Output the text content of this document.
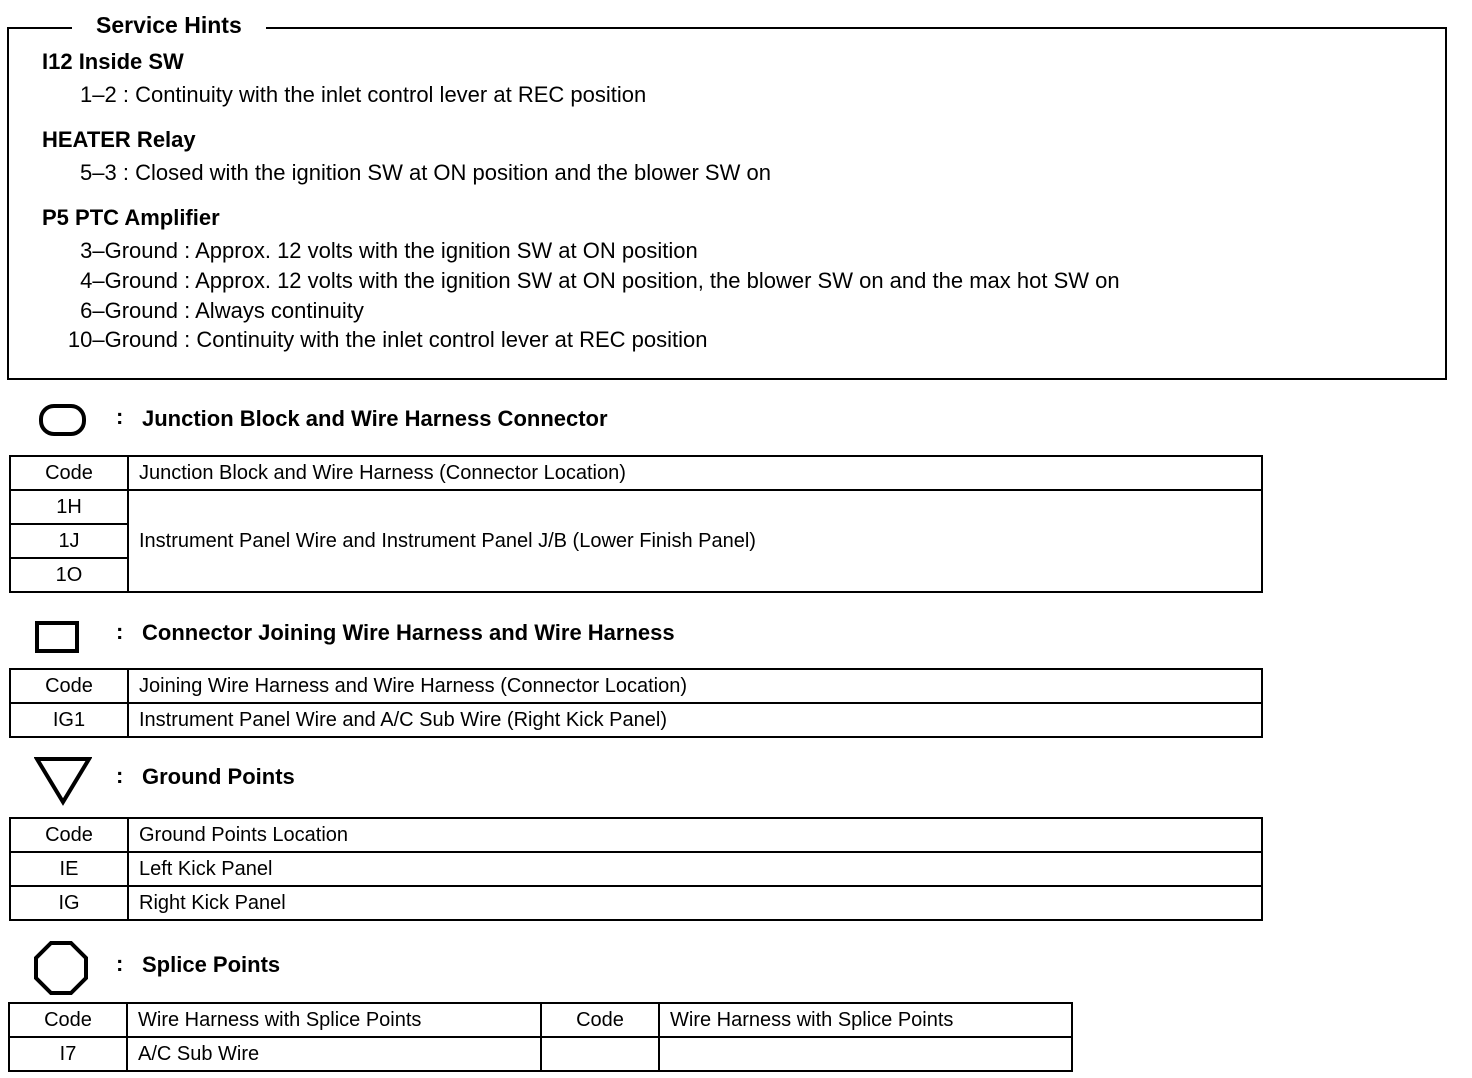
Service Hints
I12 Inside SW
1–2 : Continuity with the inlet control lever at REC position
HEATER Relay
5–3 : Closed with the ignition SW at ON position and the blower SW on
P5 PTC Amplifier
3–Ground : Approx. 12 volts with the ignition SW at ON position
4–Ground : Approx. 12 volts with the ignition SW at ON position, the blower SW on and the max hot SW on
6–Ground : Always continuity
10–Ground : Continuity with the inlet control lever at REC position
: Junction Block and Wire Harness Connector
Code	Junction Block and Wire Harness (Connector Location)
1H	Instrument Panel Wire and Instrument Panel J/B (Lower Finish Panel)
1J	
1O	
: Connector Joining Wire Harness and Wire Harness
Code	Joining Wire Harness and Wire Harness (Connector Location)
IG1	Instrument Panel Wire and A/C Sub Wire (Right Kick Panel)
: Ground Points
Code	Ground Points Location
IE	Left Kick Panel
IG	Right Kick Panel
: Splice Points
Code	Wire Harness with Splice Points	Code	Wire Harness with Splice Points
I7	A/C Sub Wire		
